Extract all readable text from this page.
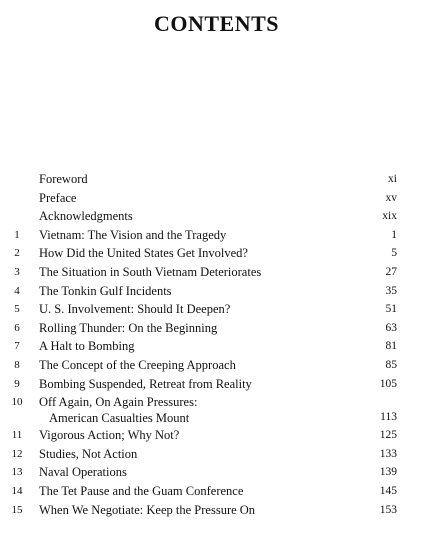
CONTENTS
Foreword	xi
Preface	xv
Acknowledgments	xix
1	Vietnam: The Vision and the Tragedy	1
2	How Did the United States Get Involved?	5
3	The Situation in South Vietnam Deteriorates	27
4	The Tonkin Gulf Incidents	35
5	U. S. Involvement: Should It Deepen?	51
6	Rolling Thunder: On the Beginning	63
7	A Halt to Bombing	81
8	The Concept of the Creeping Approach	85
9	Bombing Suspended, Retreat from Reality	105
10 Off Again, On Again Pressures:
American Casualties Mount	113
11 Vigorous Action; Why Not?	125
12 Studies, Not Action	133
13 Naval Operations	139
14 The Tet Pause and the Guam Conference	145
15 When We Negotiate: Keep the Pressure On	153
